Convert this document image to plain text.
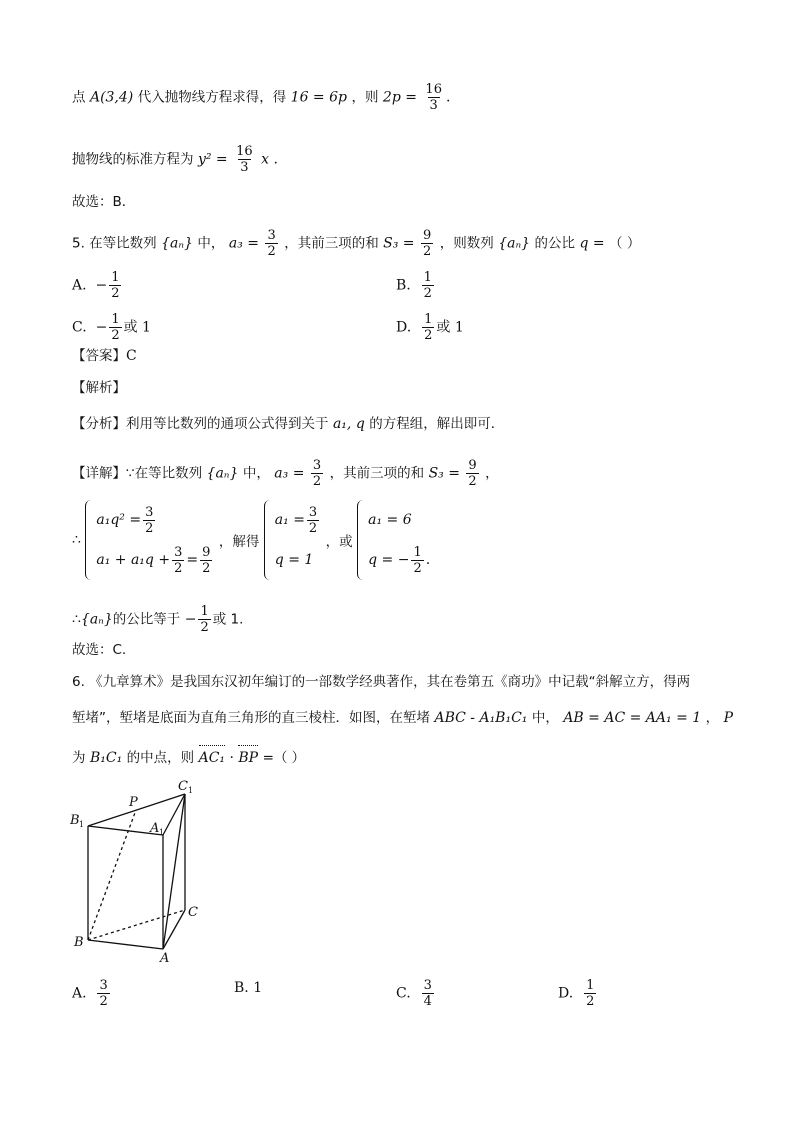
点 A(3,4) 代入抛物线方程求得，得 16 = 6p ，则 $2p = \frac{16}{3}$ .
抛物线的标准方程为 $y^2 = \frac{16}{3}$ x .
故选：B．
5. 在等比数列 {aₙ} 中， $a_3 = \frac{3}{2}$ ，其前三项的和 $S_3 = \frac{9}{2}$ ，则数列 {aₙ} 的公比 q = （ ）
A. − $\frac{1}{2}$	B. $\frac{1}{2}$
C. − $\frac{1}{2}$ 或 1	D. $\frac{1}{2}$ 或 1
【答案】C
【解析】
【分析】利用等比数列的通项公式得到关于 a₁, q 的方程组，解出即可．
【详解】∵在等比数列 {aₙ} 中， $a_3 = \frac{3}{2}$ ，其前三项的和 $S_3 = \frac{9}{2}$ ，
∴
$a_1q^2 = \frac{3}{2}$
$a_1 + a_1q + \frac{3}{2} = \frac{9}{2}$
，解得
$a_1 = \frac{3}{2}$
q = 1
，或
a₁ = 6
q = − $\frac{1}{2}$ .
∴{aₙ}的公比等于 − $\frac{1}{2}$ 或 1.
故选：C.
6. 《九章算术》是我国东汉初年编订的一部数学经典著作，其在卷第五《商功》中记载“斜解立方，得两
堑堵”，堑堵是底面为直角三角形的直三棱柱．如图，在堑堵 ABC - A₁B₁C₁ 中， AB = AC = AA₁ = 1 ， P
为 B₁C₁ 的中点，则 AC₁ · BP =（ ）
P
C 1
B 1	A 1
C
B
A
A. $\frac{3}{2}$	B. 1	C. $\frac{3}{4}$	D. $\frac{1}{2}$
